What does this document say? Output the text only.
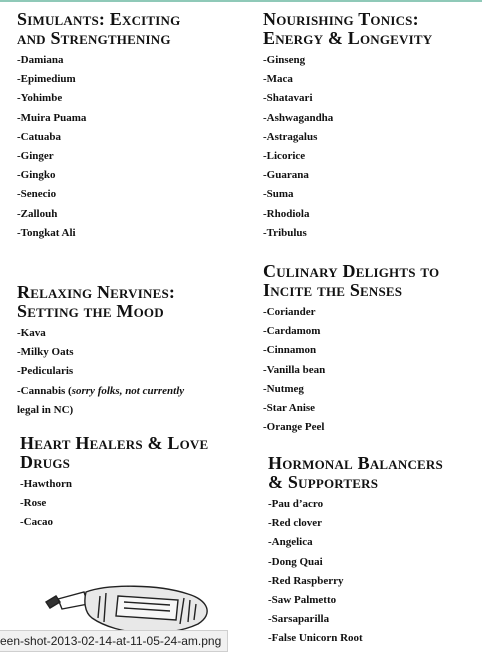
Simulants: Exciting
and Strengthening
-Damiana
-Epimedium
-Yohimbe
-Muira Puama
-Catuaba
-Ginger
-Gingko
-Senecio
-Zallouh
-Tongkat Ali
Nourishing Tonics:
Energy & Longevity
-Ginseng
-Maca
-Shatavari
-Ashwagandha
-Astragalus
-Licorice
-Guarana
-Suma
-Rhodiola
-Tribulus
Relaxing Nervines:
Setting the Mood
-Kava
-Milky Oats
-Pedicularis
-Cannabis (sorry folks, not currently
legal in NC)
Culinary Delights to
Incite the Senses
-Coriander
-Cardamom
-Cinnamon
-Vanilla bean
-Nutmeg
-Star Anise
-Orange Peel
Heart Healers & Love
Drugs
-Hawthorn
-Rose
-Cacao
Hormonal Balancers
& Supporters
-Pau d’acro
-Red clover
-Angelica
-Dong Quai
-Red Raspberry
-Saw Palmetto
-Sarsaparilla
-False Unicorn Root
een-shot-2013-02-14-at-11-05-24-am.png
